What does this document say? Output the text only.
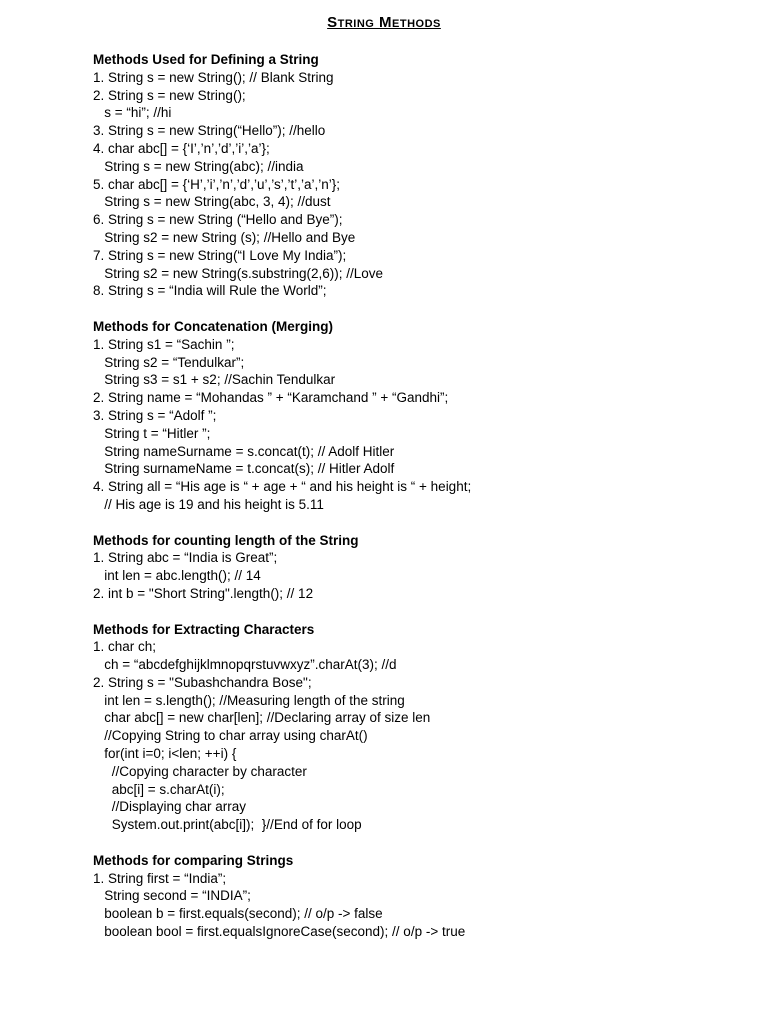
String Methods
Methods Used for Defining a String
1. String s = new String(); // Blank String
2. String s = new String();
s = “hi”; //hi
3. String s = new String(“Hello”); //hello
4. char abc[] = {‘I’,’n’,’d’,’i’,’a’};
String s = new String(abc); //india
5. char abc[] = {‘H’,’i’,’n’,’d’,’u’,’s’,’t’,’a’,’n’};
String s = new String(abc, 3, 4); //dust
6. String s = new String (“Hello and Bye”);
String s2 = new String (s); //Hello and Bye
7. String s = new String(“I Love My India”);
String s2 = new String(s.substring(2,6)); //Love
8. String s = “India will Rule the World”;
Methods for Concatenation (Merging)
1. String s1 = “Sachin ”;
String s2 = “Tendulkar”;
String s3 = s1 + s2; //Sachin Tendulkar
2. String name = “Mohandas ” + “Karamchand ” + “Gandhi”;
3. String s = “Adolf ”;
String t = “Hitler ”;
String nameSurname = s.concat(t); // Adolf Hitler
String surnameName = t.concat(s); // Hitler Adolf
4. String all = “His age is “ + age + “ and his height is “ + height;
// His age is 19 and his height is 5.11
Methods for counting length of the String
1. String abc = “India is Great”;
int len = abc.length(); // 14
2. int b = "Short String".length(); // 12
Methods for Extracting Characters
1. char ch;
ch = “abcdefghijklmnopqrstuvwxyz”.charAt(3); //d
2. String s = "Subashchandra Bose";
int len = s.length(); //Measuring length of the string
char abc[] = new char[len]; //Declaring array of size len
//Copying String to char array using charAt()
for(int i=0; i<len; ++i) {
//Copying character by character
abc[i] = s.charAt(i);
//Displaying char array
System.out.print(abc[i]);  }//End of for loop
Methods for comparing Strings
1. String first = “India”;
String second = “INDIA”;
boolean b = first.equals(second); // o/p -> false
boolean bool = first.equalsIgnoreCase(second); // o/p -> true
